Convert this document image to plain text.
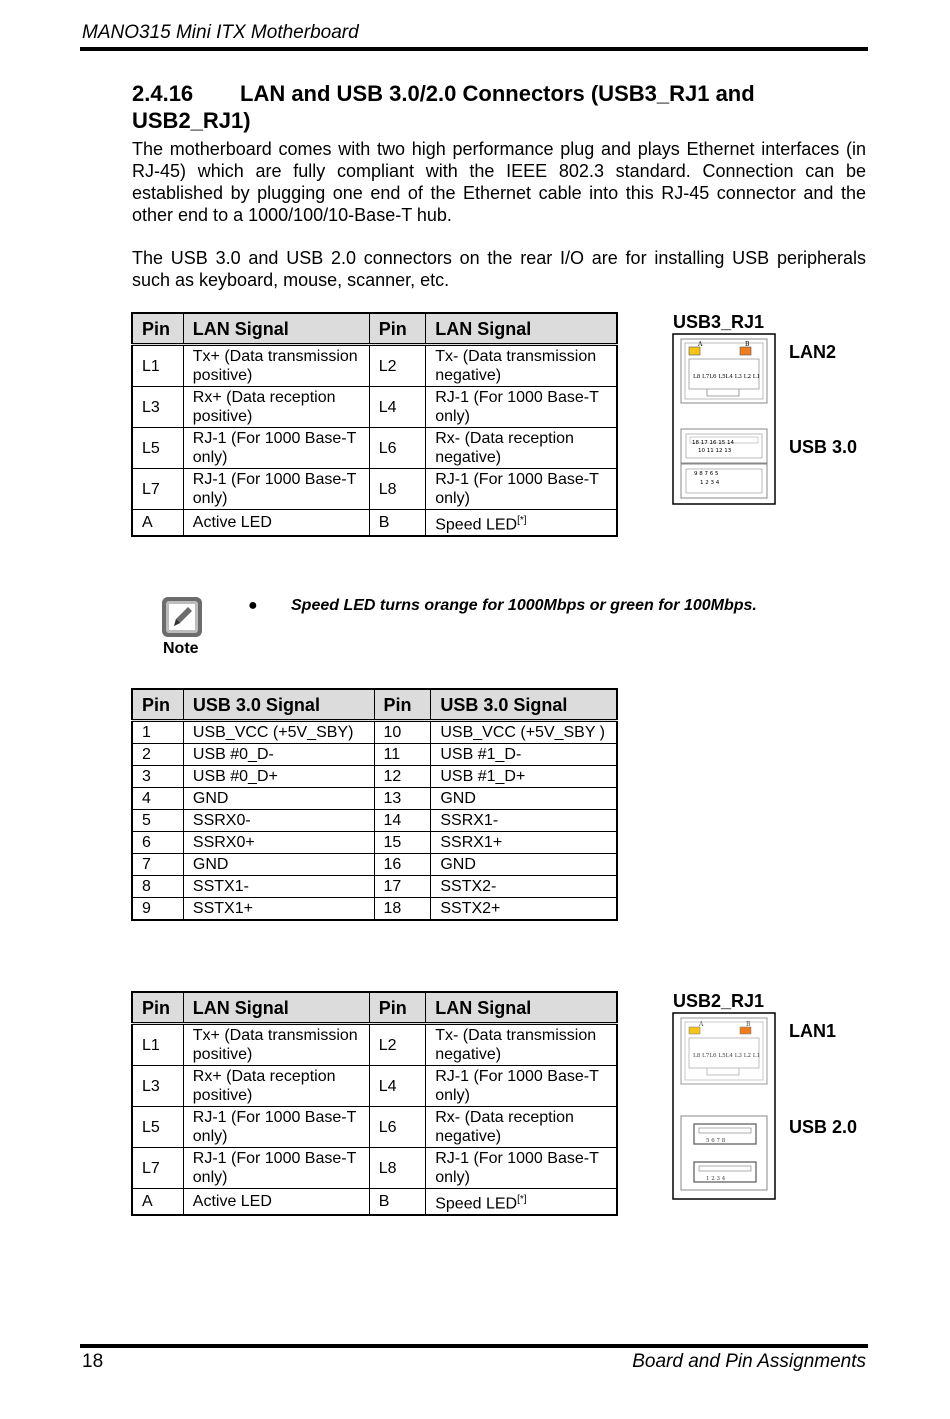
MANO315 Mini ITX Motherboard
2.4.16 LAN and USB 3.0/2.0 Connectors (USB3_RJ1 and USB2_RJ1)
The motherboard comes with two high performance plug and plays Ethernet interfaces (in RJ-45) which are fully compliant with the IEEE 802.3 standard. Connection can be established by plugging one end of the Ethernet cable into this RJ-45 connector and the other end to a 1000/100/10-Base-T hub.
The USB 3.0 and USB 2.0 connectors on the rear I/O are for installing USB peripherals such as keyboard, mouse, scanner, etc.
Pin	LAN Signal	Pin	LAN Signal
L1	Tx+ (Data transmission positive)	L2	Tx- (Data transmission negative)
L3	Rx+ (Data reception positive)	L4	RJ-1 (For 1000 Base-T only)
L5	RJ-1 (For 1000 Base-T only)	L6	Rx- (Data reception negative)
L7	RJ-1 (For 1000 Base-T only)	L8	RJ-1 (For 1000 Base-T only)
A	Active LED	B	Speed LED[*]
USB3_RJ1
LAN2
USB 3.0
A	B
L8 L7L6 L5L4 L3 L2 L1
18 17 16 15 14
10 11 12 13
9 8 7 6 5
1 2 3 4
Note
● Speed LED turns orange for 1000Mbps or green for 100Mbps.
Pin	USB 3.0 Signal	Pin	USB 3.0 Signal
1	USB_VCC (+5V_SBY)	10	USB_VCC (+5V_SBY )
2	USB #0_D-	11	USB #1_D-
3	USB #0_D+	12	USB #1_D+
4	GND	13	GND
5	SSRX0-	14	SSRX1-
6	SSRX0+	15	SSRX1+
7	GND	16	GND
8	SSTX1-	17	SSTX2-
9	SSTX1+	18	SSTX2+
Pin	LAN Signal	Pin	LAN Signal
L1	Tx+ (Data transmission positive)	L2	Tx- (Data transmission negative)
L3	Rx+ (Data reception positive)	L4	RJ-1 (For 1000 Base-T only)
L5	RJ-1 (For 1000 Base-T only)	L6	Rx- (Data reception negative)
L7	RJ-1 (For 1000 Base-T only)	L8	RJ-1 (For 1000 Base-T only)
A	Active LED	B	Speed LED[*]
USB2_RJ1
LAN1
USB 2.0
A	B
L8 L7L6 L5L4 L3 L2 L1
5 6 7 8
1 2 3 4
18	Board and Pin Assignments
